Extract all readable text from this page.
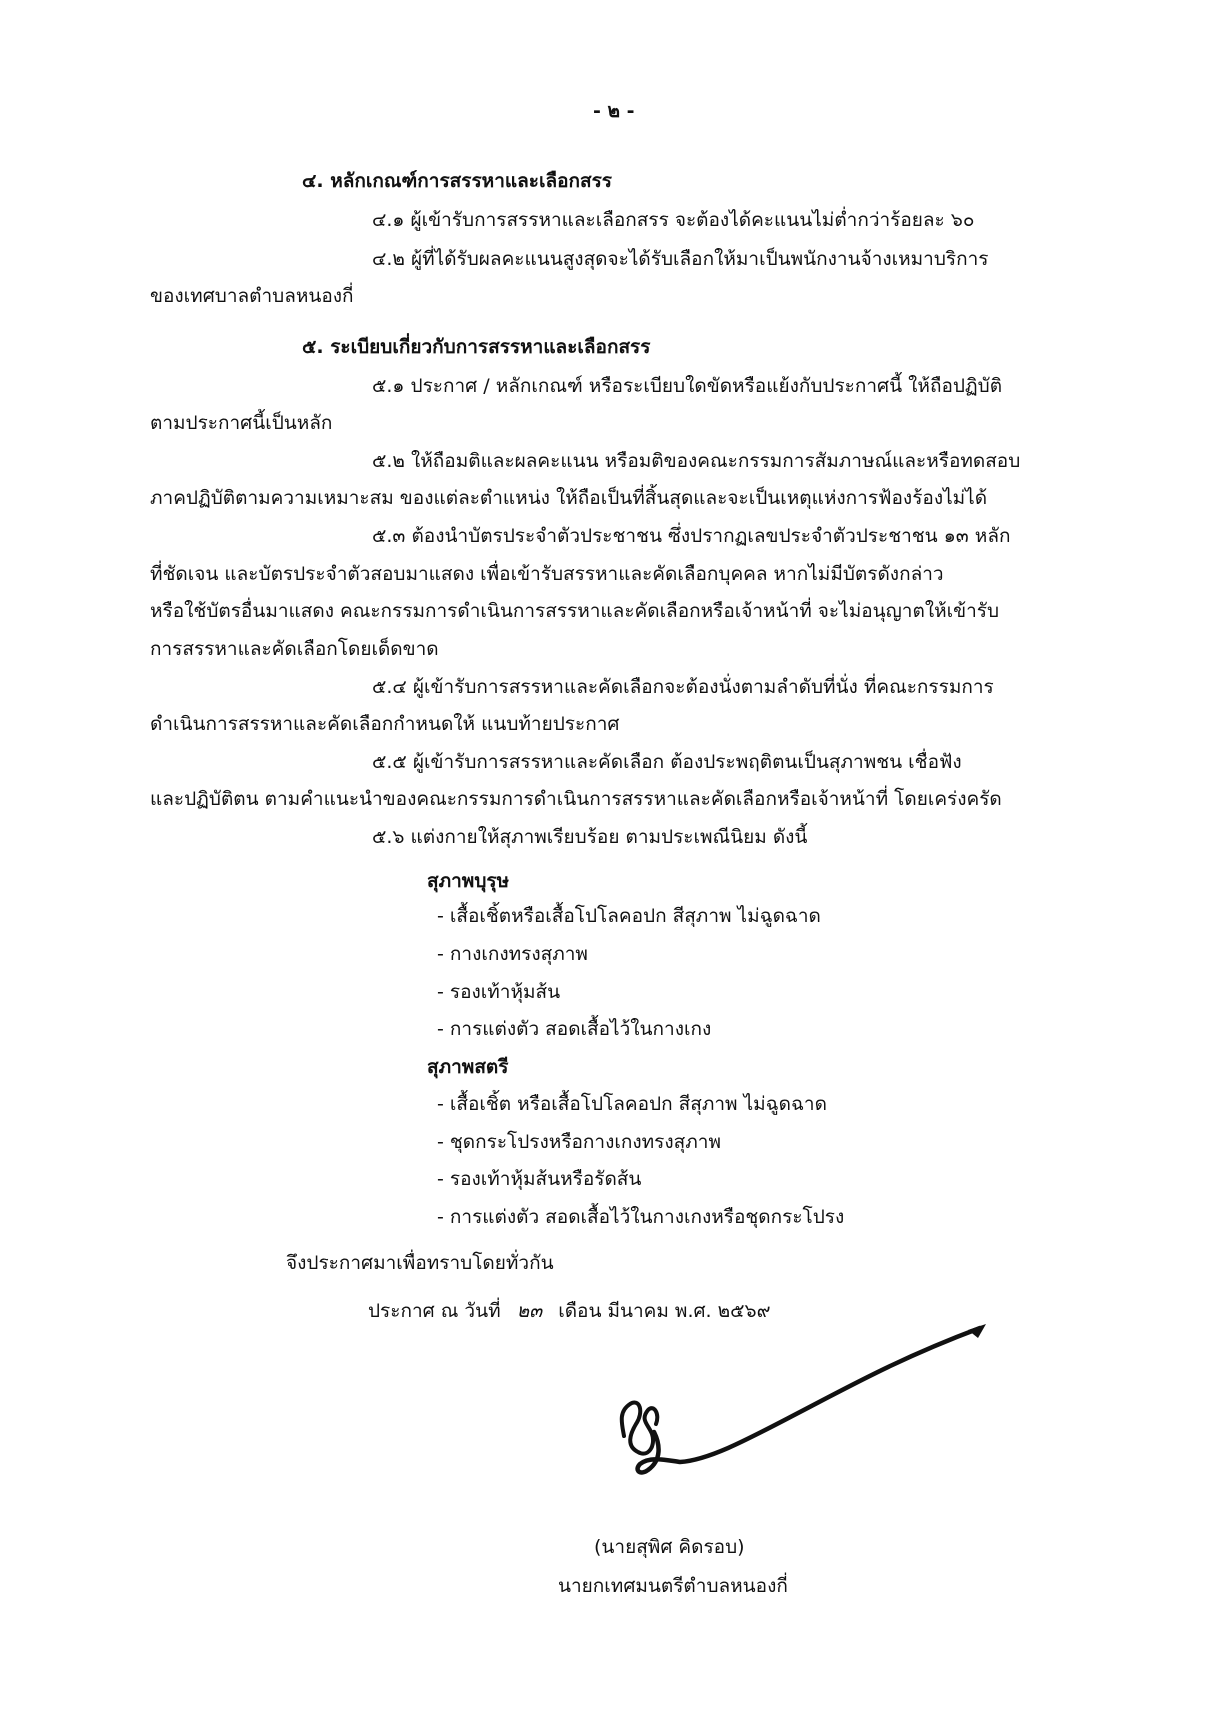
- ๒ -
๔. หลักเกณฑ์การสรรหาและเลือกสรร
๔.๑ ผู้เข้ารับการสรรหาและเลือกสรร จะต้องได้คะแนนไม่ต่ำกว่าร้อยละ ๖๐
๔.๒ ผู้ที่ได้รับผลคะแนนสูงสุดจะได้รับเลือกให้มาเป็นพนักงานจ้างเหมาบริการ
ของเทศบาลตำบลหนองกี่
๕. ระเบียบเกี่ยวกับการสรรหาและเลือกสรร
๕.๑ ประกาศ / หลักเกณฑ์ หรือระเบียบใดขัดหรือแย้งกับประกาศนี้ ให้ถือปฏิบัติ
ตามประกาศนี้เป็นหลัก
๕.๒ ให้ถือมติและผลคะแนน หรือมติของคณะกรรมการสัมภาษณ์และหรือทดสอบ
ภาคปฏิบัติตามความเหมาะสม ของแต่ละตำแหน่ง ให้ถือเป็นที่สิ้นสุดและจะเป็นเหตุแห่งการฟ้องร้องไม่ได้
๕.๓ ต้องนำบัตรประจำตัวประชาชน ซึ่งปรากฏเลขประจำตัวประชาชน ๑๓ หลัก
ที่ชัดเจน และบัตรประจำตัวสอบมาแสดง เพื่อเข้ารับสรรหาและคัดเลือกบุคคล หากไม่มีบัตรดังกล่าว
หรือใช้บัตรอื่นมาแสดง คณะกรรมการดำเนินการสรรหาและคัดเลือกหรือเจ้าหน้าที่ จะไม่อนุญาตให้เข้ารับ
การสรรหาและคัดเลือกโดยเด็ดขาด
๕.๔ ผู้เข้ารับการสรรหาและคัดเลือกจะต้องนั่งตามลำดับที่นั่ง ที่คณะกรรมการ
ดำเนินการสรรหาและคัดเลือกกำหนดให้ แนบท้ายประกาศ
๕.๕ ผู้เข้ารับการสรรหาและคัดเลือก ต้องประพฤติตนเป็นสุภาพชน เชื่อฟัง
และปฏิบัติตน ตามคำแนะนำของคณะกรรมการดำเนินการสรรหาและคัดเลือกหรือเจ้าหน้าที่ โดยเคร่งครัด
๕.๖ แต่งกายให้สุภาพเรียบร้อย ตามประเพณีนิยม ดังนี้
สุภาพบุรุษ
- เสื้อเชิ้ตหรือเสื้อโปโลคอปก สีสุภาพ ไม่ฉูดฉาด
- กางเกงทรงสุภาพ
- รองเท้าหุ้มส้น
- การแต่งตัว สอดเสื้อไว้ในกางเกง
สุภาพสตรี
- เสื้อเชิ้ต หรือเสื้อโปโลคอปก สีสุภาพ ไม่ฉูดฉาด
- ชุดกระโปรงหรือกางเกงทรงสุภาพ
- รองเท้าหุ้มส้นหรือรัดส้น
- การแต่งตัว สอดเสื้อไว้ในกางเกงหรือชุดกระโปรง
จึงประกาศมาเพื่อทราบโดยทั่วกัน
ประกาศ ณ วันที่ ๒๓ เดือน มีนาคม พ.ศ. ๒๕๖๙
(นายสุพิศ คิดรอบ)
นายกเทศมนตรีตำบลหนองกี่
